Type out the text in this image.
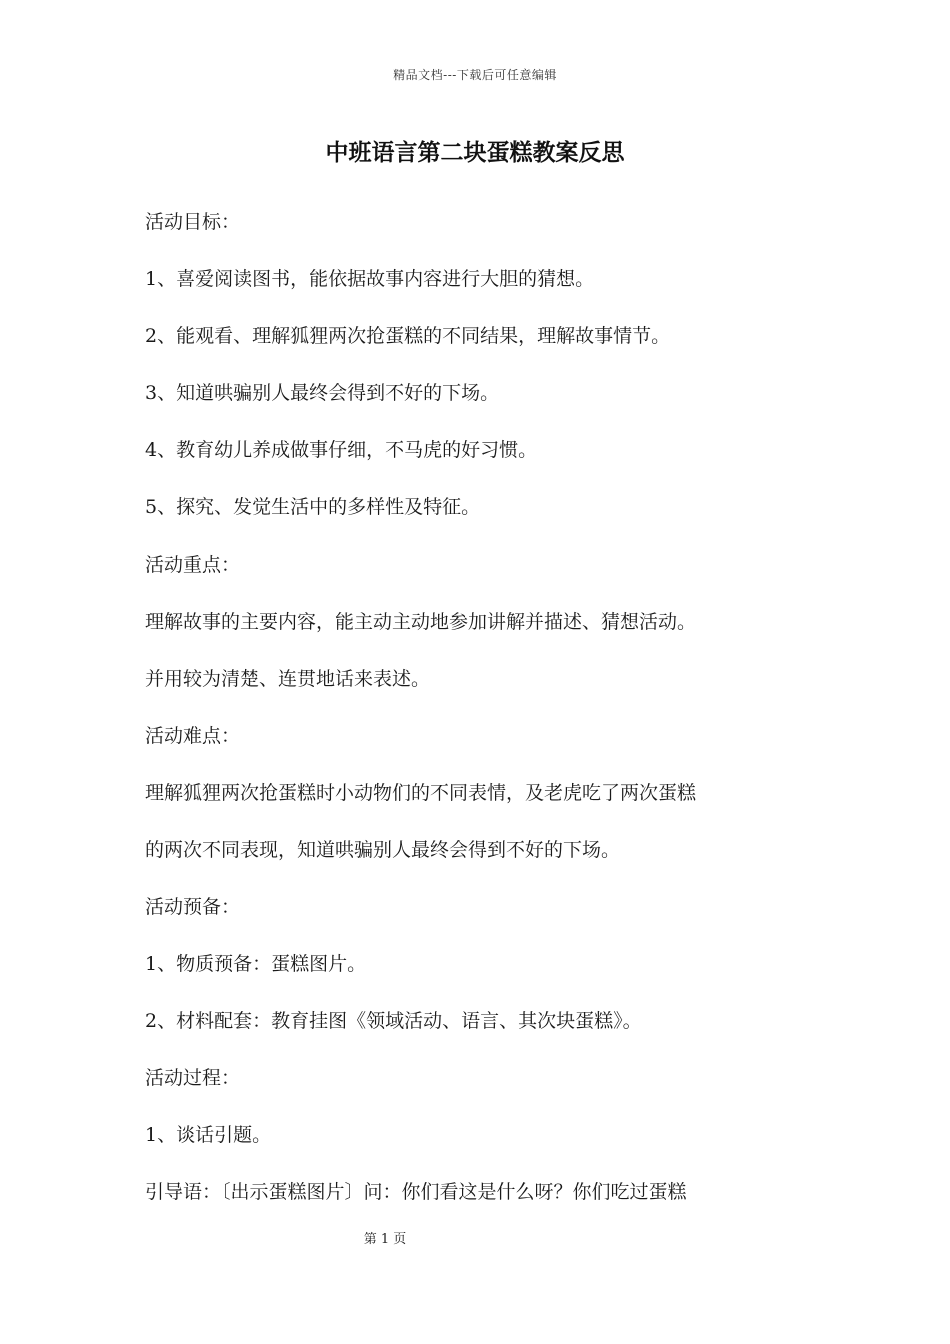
精品文档---下载后可任意编辑
中班语言第二块蛋糕教案反思

活动目标：

1、喜爱阅读图书，能依据故事内容进行大胆的猜想。

2、能观看、理解狐狸两次抢蛋糕的不同结果，理解故事情节。

3、知道哄骗别人最终会得到不好的下场。

4、教育幼儿养成做事仔细，不马虎的好习惯。

5、探究、发觉生活中的多样性及特征。

活动重点：

理解故事的主要内容，能主动主动地参加讲解并描述、猜想活动。

并用较为清楚、连贯地话来表述。

活动难点：

理解狐狸两次抢蛋糕时小动物们的不同表情，及老虎吃了两次蛋糕

的两次不同表现，知道哄骗别人最终会得到不好的下场。

活动预备：

1、物质预备：蛋糕图片。

2、材料配套：教育挂图《领域活动、语言、其次块蛋糕》。

活动过程：

1、谈话引题。

引导语：〔出示蛋糕图片〕问：你们看这是什么呀？你们吃过蛋糕

第 1 页
